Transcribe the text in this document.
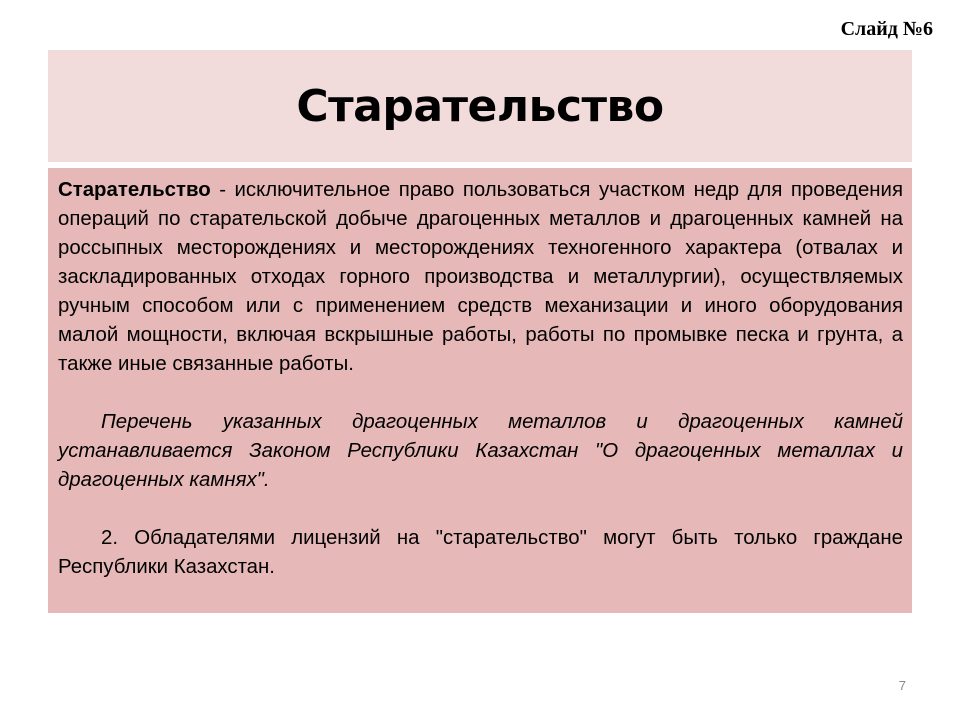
Слайд №6
Старательство

Старательство - исключительное право пользоваться участком недр для проведения операций по старательской добыче драгоценных металлов и драгоценных камней на россыпных месторождениях и месторождениях техногенного характера (отвалах и заскладированных отходах горного производства и металлургии), осуществляемых ручным способом или с применением средств механизации и иного оборудования малой мощности, включая вскрышные работы, работы по промывке песка и грунта, а также иные связанные работы.

Перечень указанных драгоценных металлов и драгоценных камней устанавливается Законом Республики Казахстан "О драгоценных металлах и драгоценных камнях".

2. Обладателями лицензий на "старательство" могут быть только граждане Республики Казахстан.

7
